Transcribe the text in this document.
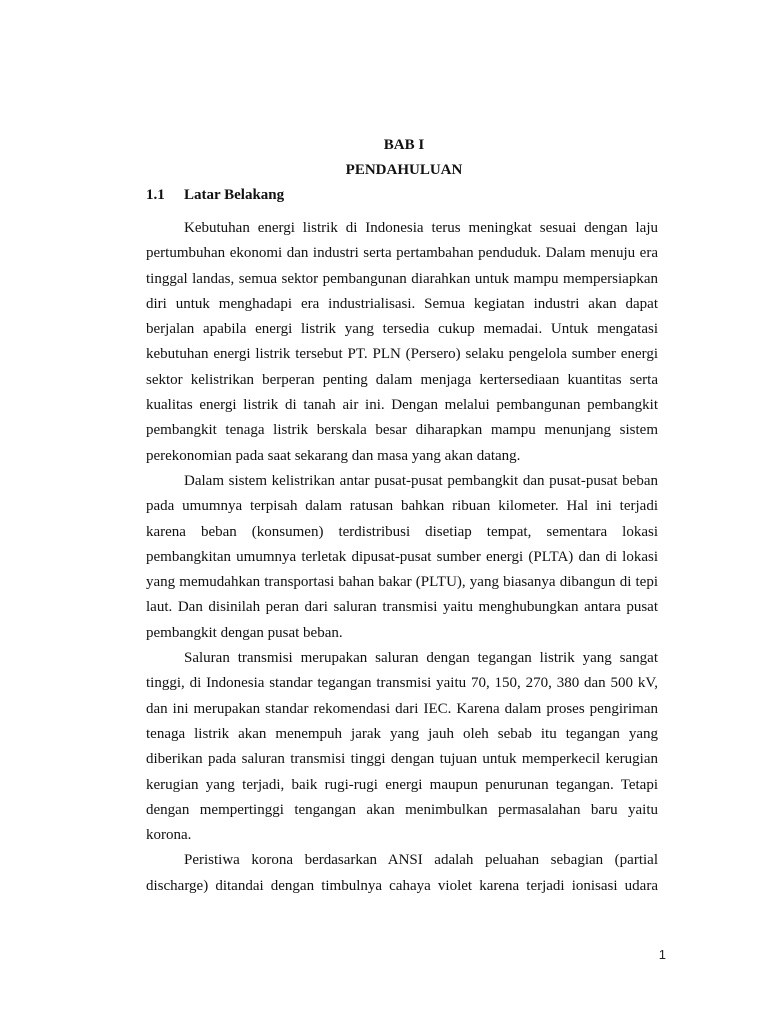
BAB I
PENDAHULUAN
1.1 Latar Belakang

Kebutuhan energi listrik di Indonesia terus meningkat sesuai dengan laju pertumbuhan ekonomi dan industri serta pertambahan penduduk. Dalam menuju era tinggal landas, semua sektor pembangunan diarahkan untuk mampu mempersiapkan diri untuk menghadapi era industrialisasi. Semua kegiatan industri akan dapat berjalan apabila energi listrik yang tersedia cukup memadai. Untuk mengatasi kebutuhan energi listrik tersebut PT. PLN (Persero) selaku pengelola sumber energi sektor kelistrikan berperan penting dalam menjaga kertersediaan kuantitas serta kualitas energi listrik di tanah air ini. Dengan melalui pembangunan pembangkit pembangkit tenaga listrik berskala besar diharapkan mampu menunjang sistem perekonomian pada saat sekarang dan masa yang akan datang.

Dalam sistem kelistrikan antar pusat-pusat pembangkit dan pusat-pusat beban pada umumnya terpisah dalam ratusan bahkan ribuan kilometer. Hal ini terjadi karena beban (konsumen) terdistribusi disetiap tempat, sementara lokasi pembangkitan umumnya terletak dipusat-pusat sumber energi (PLTA) dan di lokasi yang memudahkan transportasi bahan bakar (PLTU), yang biasanya dibangun di tepi laut. Dan disinilah peran dari saluran transmisi yaitu menghubungkan antara pusat pembangkit dengan pusat beban.

Saluran transmisi merupakan saluran dengan tegangan listrik yang sangat tinggi, di Indonesia standar tegangan transmisi yaitu 70, 150, 270, 380 dan 500 kV, dan ini merupakan standar rekomendasi dari IEC. Karena dalam proses pengiriman tenaga listrik akan menempuh jarak yang jauh oleh sebab itu tegangan yang diberikan pada saluran transmisi tinggi dengan tujuan untuk memperkecil kerugian kerugian yang terjadi, baik rugi-rugi energi maupun penurunan tegangan. Tetapi dengan mempertinggi tengangan akan menimbulkan permasalahan baru yaitu korona.

Peristiwa korona berdasarkan ANSI adalah peluahan sebagian (partial discharge) ditandai dengan timbulnya cahaya violet karena terjadi ionisasi udara

1
